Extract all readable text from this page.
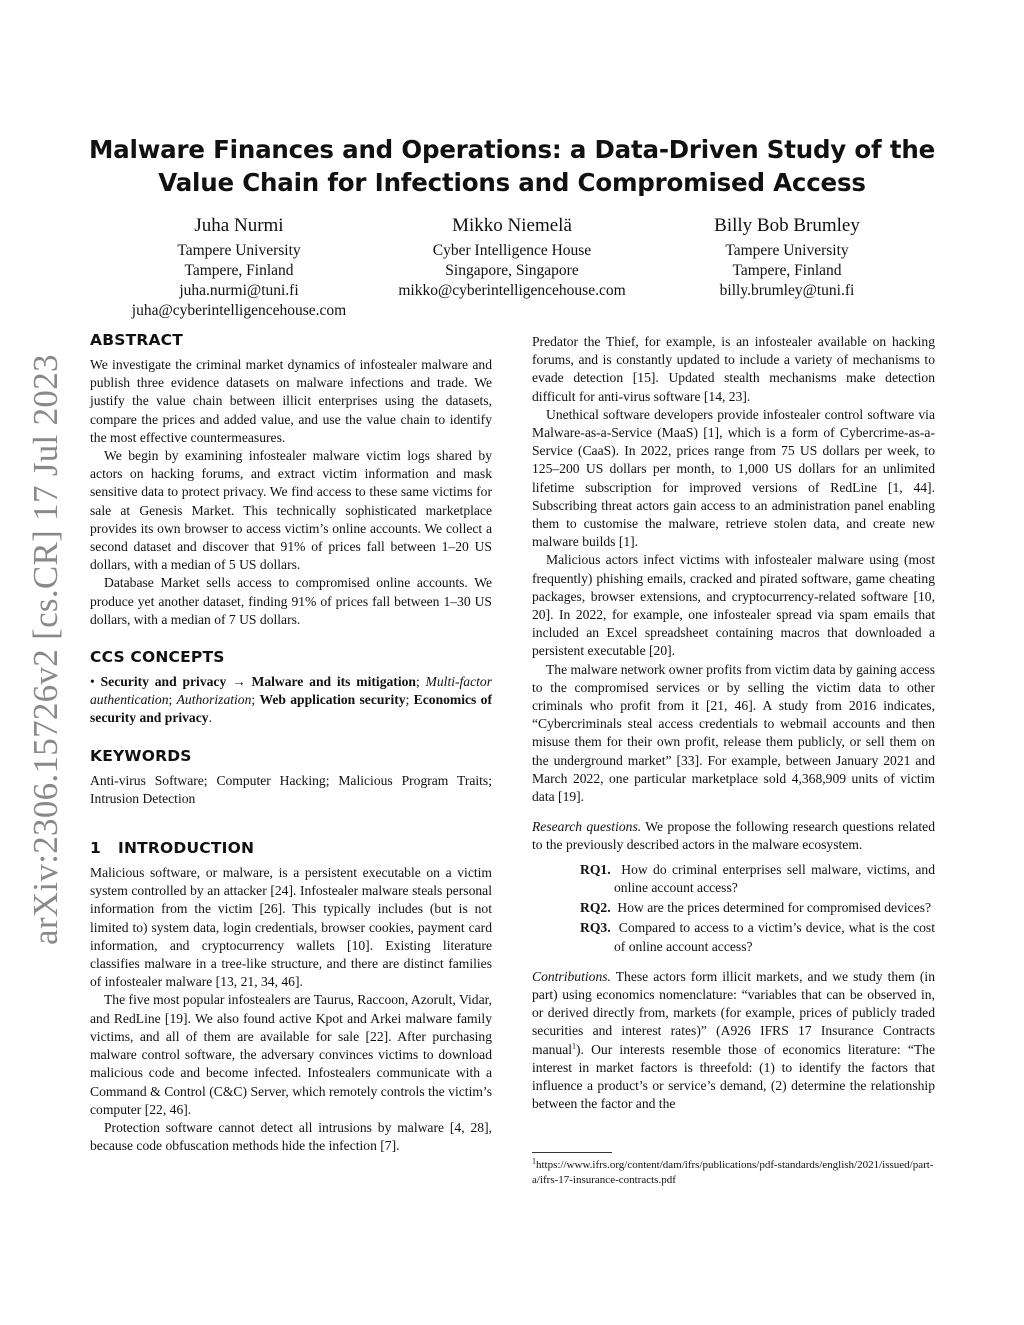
arXiv:2306.15726v2 [cs.CR] 17 Jul 2023
Malware Finances and Operations: a Data-Driven Study of the
Value Chain for Infections and Compromised Access
Juha Nurmi
Tampere University
Tampere, Finland
juha.nurmi@tuni.fi
juha@cyberintelligencehouse.com
Mikko Niemelä
Cyber Intelligence House
Singapore, Singapore
mikko@cyberintelligencehouse.com
Billy Bob Brumley
Tampere University
Tampere, Finland
billy.brumley@tuni.fi
ABSTRACT

We investigate the criminal market dynamics of infostealer malware and publish three evidence datasets on malware infections and trade. We justify the value chain between illicit enterprises using the datasets, compare the prices and added value, and use the value chain to identify the most effective countermeasures.

We begin by examining infostealer malware victim logs shared by actors on hacking forums, and extract victim information and mask sensitive data to protect privacy. We find access to these same victims for sale at Genesis Market. This technically sophisticated marketplace provides its own browser to access victim’s online accounts. We collect a second dataset and discover that 91% of prices fall between 1–20 US dollars, with a median of 5 US dollars.

Database Market sells access to compromised online accounts. We produce yet another dataset, finding 91% of prices fall between 1–30 US dollars, with a median of 7 US dollars.

CCS CONCEPTS

• Security and privacy → Malware and its mitigation; Multi-factor authentication; Authorization; Web application security; Economics of security and privacy.

KEYWORDS

Anti-virus Software; Computer Hacking; Malicious Program Traits; Intrusion Detection

1 INTRODUCTION

Malicious software, or malware, is a persistent executable on a victim system controlled by an attacker [24]. Infostealer malware steals personal information from the victim [26]. This typically includes (but is not limited to) system data, login credentials, browser cookies, payment card information, and cryptocurrency wallets [10]. Existing literature classifies malware in a tree-like structure, and there are distinct families of infostealer malware [13, 21, 34, 46].

The five most popular infostealers are Taurus, Raccoon, Azorult, Vidar, and RedLine [19]. We also found active Kpot and Arkei malware family victims, and all of them are available for sale [22]. After purchasing malware control software, the adversary convinces victims to download malicious code and become infected. Infostealers communicate with a Command & Control (C&C) Server, which remotely controls the victim’s computer [22, 46].

Protection software cannot detect all intrusions by malware [4, 28], because code obfuscation methods hide the infection [7].

Predator the Thief, for example, is an infostealer available on hacking forums, and is constantly updated to include a variety of mechanisms to evade detection [15]. Updated stealth mechanisms make detection difficult for anti-virus software [14, 23].

Unethical software developers provide infostealer control software via Malware-as-a-Service (MaaS) [1], which is a form of Cybercrime-as-a-Service (CaaS). In 2022, prices range from 75 US dollars per week, to 125–200 US dollars per month, to 1,000 US dollars for an unlimited lifetime subscription for improved versions of RedLine [1, 44]. Subscribing threat actors gain access to an administration panel enabling them to customise the malware, retrieve stolen data, and create new malware builds [1].

Malicious actors infect victims with infostealer malware using (most frequently) phishing emails, cracked and pirated software, game cheating packages, browser extensions, and cryptocurrency-related software [10, 20]. In 2022, for example, one infostealer spread via spam emails that included an Excel spreadsheet containing macros that downloaded a persistent executable [20].

The malware network owner profits from victim data by gaining access to the compromised services or by selling the victim data to other criminals who profit from it [21, 46]. A study from 2016 indicates, “Cybercriminals steal access credentials to webmail accounts and then misuse them for their own profit, release them publicly, or sell them on the underground market” [33]. For example, between January 2021 and March 2022, one particular marketplace sold 4,368,909 units of victim data [19].

Research questions. We propose the following research questions related to the previously described actors in the malware ecosystem.

RQ1. How do criminal enterprises sell malware, victims, and online account access?
RQ2. How are the prices determined for compromised devices?
RQ3. Compared to access to a victim’s device, what is the cost of online account access?

Contributions. These actors form illicit markets, and we study them (in part) using economics nomenclature: “variables that can be observed in, or derived directly from, markets (for example, prices of publicly traded securities and interest rates)” (A926 IFRS 17 Insurance Contracts manual$^1$). Our interests resemble those of economics literature: “The interest in market factors is threefold: (1) to identify the factors that influence a product’s or service’s demand, (2) determine the relationship between the factor and the

$^1$https://www.ifrs.org/content/dam/ifrs/publications/pdf-standards/english/2021/issued/part-a/ifrs-17-insurance-contracts.pdf
